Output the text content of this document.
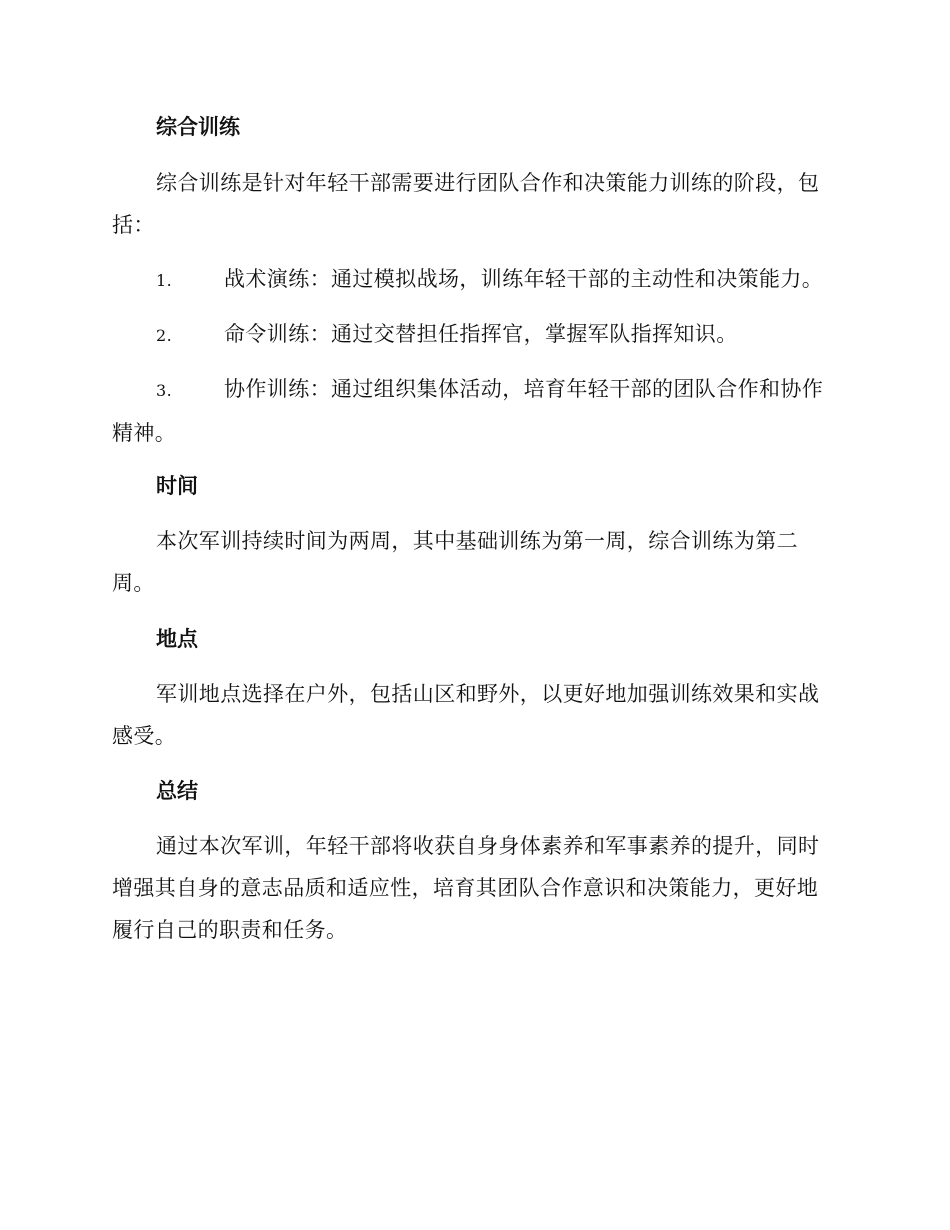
综合训练

综合训练是针对年轻干部需要进行团队合作和决策能力训练的阶段，包括：

1. 战术演练：通过模拟战场，训练年轻干部的主动性和决策能力。

2. 命令训练：通过交替担任指挥官，掌握军队指挥知识。

3. 协作训练：通过组织集体活动，培育年轻干部的团队合作和协作精神。

时间

本次军训持续时间为两周，其中基础训练为第一周，综合训练为第二周。

地点

军训地点选择在户外，包括山区和野外，以更好地加强训练效果和实战感受。

总结

通过本次军训，年轻干部将收获自身身体素养和军事素养的提升，同时增强其自身的意志品质和适应性，培育其团队合作意识和决策能力，更好地履行自己的职责和任务。
